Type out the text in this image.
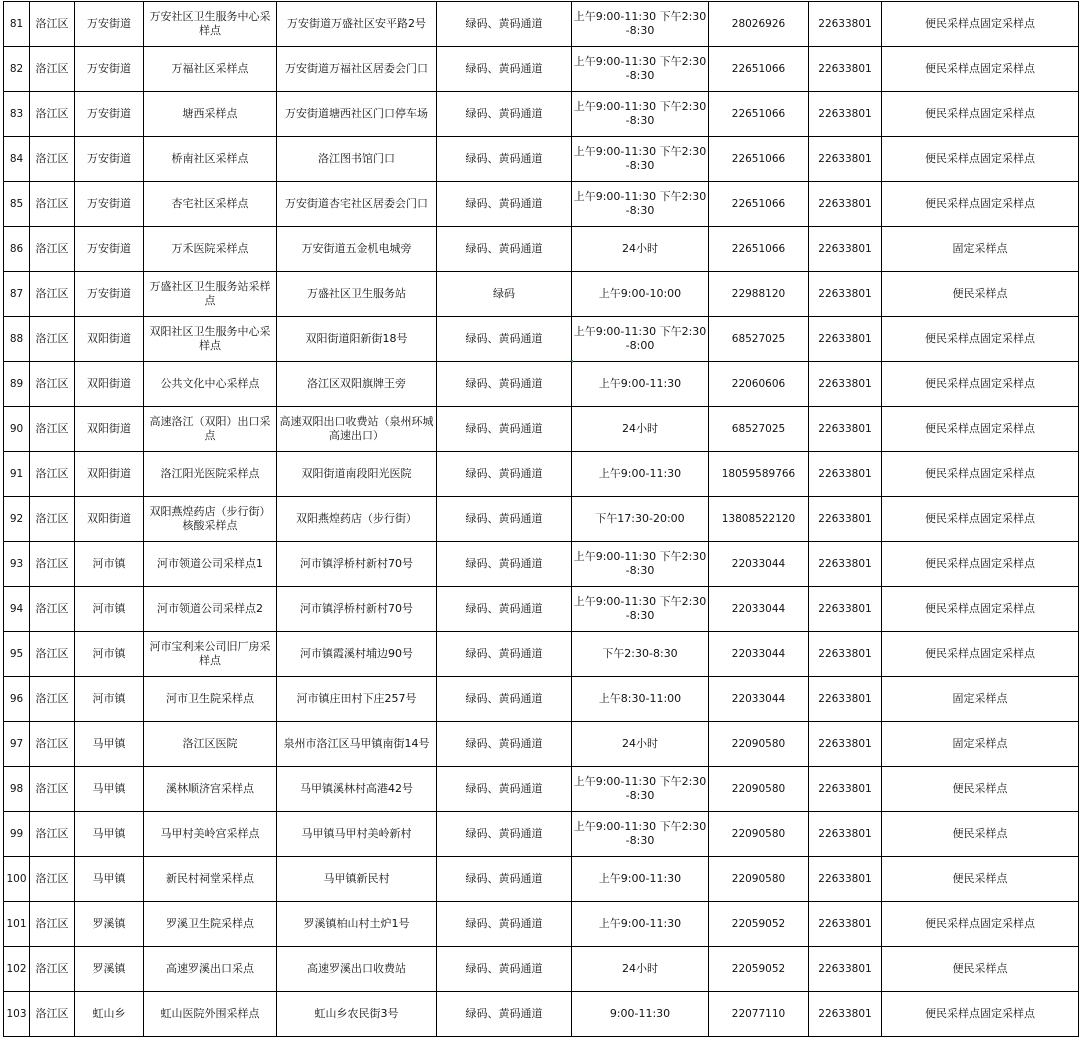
81	洛江区	万安街道	万安社区卫生服务中心采样点	万安街道万盛社区安平路2号	绿码、黄码通道	上午9:00-11:30 下午2:30-8:30	28026926	22633801	便民采样点固定采样点
82	洛江区	万安街道	万福社区采样点	万安街道万福社区居委会门口	绿码、黄码通道	上午9:00-11:30 下午2:30-8:30	22651066	22633801	便民采样点固定采样点
83	洛江区	万安街道	塘西采样点	万安街道塘西社区门口停车场	绿码、黄码通道	上午9:00-11:30 下午2:30-8:30	22651066	22633801	便民采样点固定采样点
84	洛江区	万安街道	桥南社区采样点	洛江图书馆门口	绿码、黄码通道	上午9:00-11:30 下午2:30-8:30	22651066	22633801	便民采样点固定采样点
85	洛江区	万安街道	杏宅社区采样点	万安街道杏宅社区居委会门口	绿码、黄码通道	上午9:00-11:30 下午2:30-8:30	22651066	22633801	便民采样点固定采样点
86	洛江区	万安街道	万禾医院采样点	万安街道五金机电城旁	绿码、黄码通道	24小时	22651066	22633801	固定采样点
87	洛江区	万安街道	万盛社区卫生服务站采样点	万盛社区卫生服务站	绿码	上午9:00-10:00	22988120	22633801	便民采样点
88	洛江区	双阳街道	双阳社区卫生服务中心采样点	双阳街道阳新街18号	绿码、黄码通道	上午9:00-11:30 下午2:30-8:00	68527025	22633801	便民采样点固定采样点
89	洛江区	双阳街道	公共文化中心采样点	洛江区双阳旗牌王旁	绿码、黄码通道	上午9:00-11:30	22060606	22633801	便民采样点固定采样点
90	洛江区	双阳街道	高速洛江（双阳）出口采点	高速双阳出口收费站（泉州环城高速出口）	绿码、黄码通道	24小时	68527025	22633801	便民采样点固定采样点
91	洛江区	双阳街道	洛江阳光医院采样点	双阳街道南段阳光医院	绿码、黄码通道	上午9:00-11:30	18059589766	22633801	便民采样点固定采样点
92	洛江区	双阳街道	双阳燕煌药店（步行街）核酸采样点	双阳燕煌药店（步行街）	绿码、黄码通道	下午17:30-20:00	13808522120	22633801	便民采样点固定采样点
93	洛江区	河市镇	河市领道公司采样点1	河市镇浮桥村新村70号	绿码、黄码通道	上午9:00-11:30 下午2:30-8:30	22033044	22633801	便民采样点固定采样点
94	洛江区	河市镇	河市领道公司采样点2	河市镇浮桥村新村70号	绿码、黄码通道	上午9:00-11:30 下午2:30-8:30	22033044	22633801	便民采样点固定采样点
95	洛江区	河市镇	河市宝利来公司旧厂房采样点	河市镇霞溪村埔边90号	绿码、黄码通道	下午2:30-8:30	22033044	22633801	便民采样点固定采样点
96	洛江区	河市镇	河市卫生院采样点	河市镇庄田村下庄257号	绿码、黄码通道	上午8:30-11:00	22033044	22633801	固定采样点
97	洛江区	马甲镇	洛江区医院	泉州市洛江区马甲镇南街14号	绿码、黄码通道	24小时	22090580	22633801	固定采样点
98	洛江区	马甲镇	溪林顺济宫采样点	马甲镇溪林村高港42号	绿码、黄码通道	上午9:00-11:30 下午2:30-8:30	22090580	22633801	便民采样点
99	洛江区	马甲镇	马甲村美岭宫采样点	马甲镇马甲村美岭新村	绿码、黄码通道	上午9:00-11:30 下午2:30-8:30	22090580	22633801	便民采样点
100	洛江区	马甲镇	新民村祠堂采样点	马甲镇新民村	绿码、黄码通道	上午9:00-11:30	22090580	22633801	便民采样点
101	洛江区	罗溪镇	罗溪卫生院采样点	罗溪镇柏山村土炉1号	绿码、黄码通道	上午9:00-11:30	22059052	22633801	便民采样点固定采样点
102	洛江区	罗溪镇	高速罗溪出口采点	高速罗溪出口收费站	绿码、黄码通道	24小时	22059052	22633801	便民采样点
103	洛江区	虹山乡	虹山医院外围采样点	虹山乡农民街3号	绿码、黄码通道	9:00-11:30	22077110	22633801	便民采样点固定采样点
